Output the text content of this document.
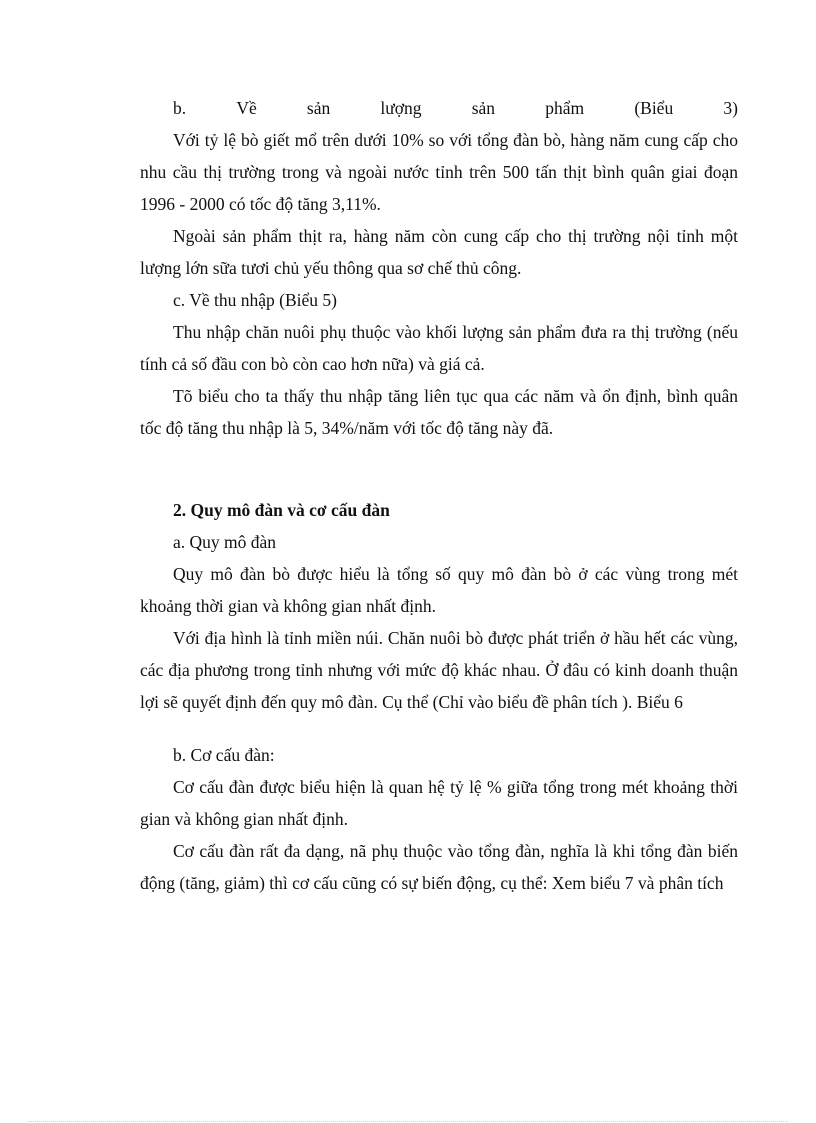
b.	Về	sản	lượng	sản	phẩm	(Biểu	3)

Với tỷ lệ bò giết mổ trên dưới 10% so với tổng đàn bò, hàng năm cung cấp cho nhu cầu thị trường trong và ngoài nước tỉnh trên 500 tấn thịt bình quân giai đoạn 1996 - 2000 có tốc độ tăng 3,11%.

Ngoài sản phẩm thịt ra, hàng năm còn cung cấp cho thị trường nội tỉnh một lượng lớn sữa tươi chủ yếu thông qua sơ chế thủ công.

c. Về thu nhập (Biểu 5)

Thu nhập chăn nuôi phụ thuộc vào khối lượng sản phẩm đưa ra thị trường (nếu tính cả số đầu con bò còn cao hơn nữa) và giá cả.

Tõ biểu cho ta thấy thu nhập tăng liên tục qua các năm và ổn định, bình quân tốc độ tăng thu nhập là 5, 34%/năm với tốc độ tăng này đã.

2. Quy mô đàn và cơ cấu đàn
a. Quy mô đàn

Quy mô đàn bò được hiểu là tổng số quy mô đàn bò ở các vùng trong mét khoảng thời gian và không gian nhất định.

Với địa hình là tỉnh miền núi. Chăn nuôi bò được phát triển ở hầu hết các vùng, các địa phương trong tỉnh nhưng với mức độ khác nhau. Ở đâu có kinh doanh thuận lợi sẽ quyết định đến quy mô đàn. Cụ thể (Chỉ vào biểu đề phân tích ). Biểu 6

b. Cơ cấu đàn:

Cơ cấu đàn được biểu hiện là quan hệ tỷ lệ % giữa tổng trong mét khoảng thời gian và không gian nhất định.

Cơ cấu đàn rất đa dạng, nã phụ thuộc vào tổng đàn, nghĩa là khi tổng đàn biến động (tăng, giảm) thì cơ cấu cũng có sự biến động, cụ thể: Xem biểu 7 và phân tích
